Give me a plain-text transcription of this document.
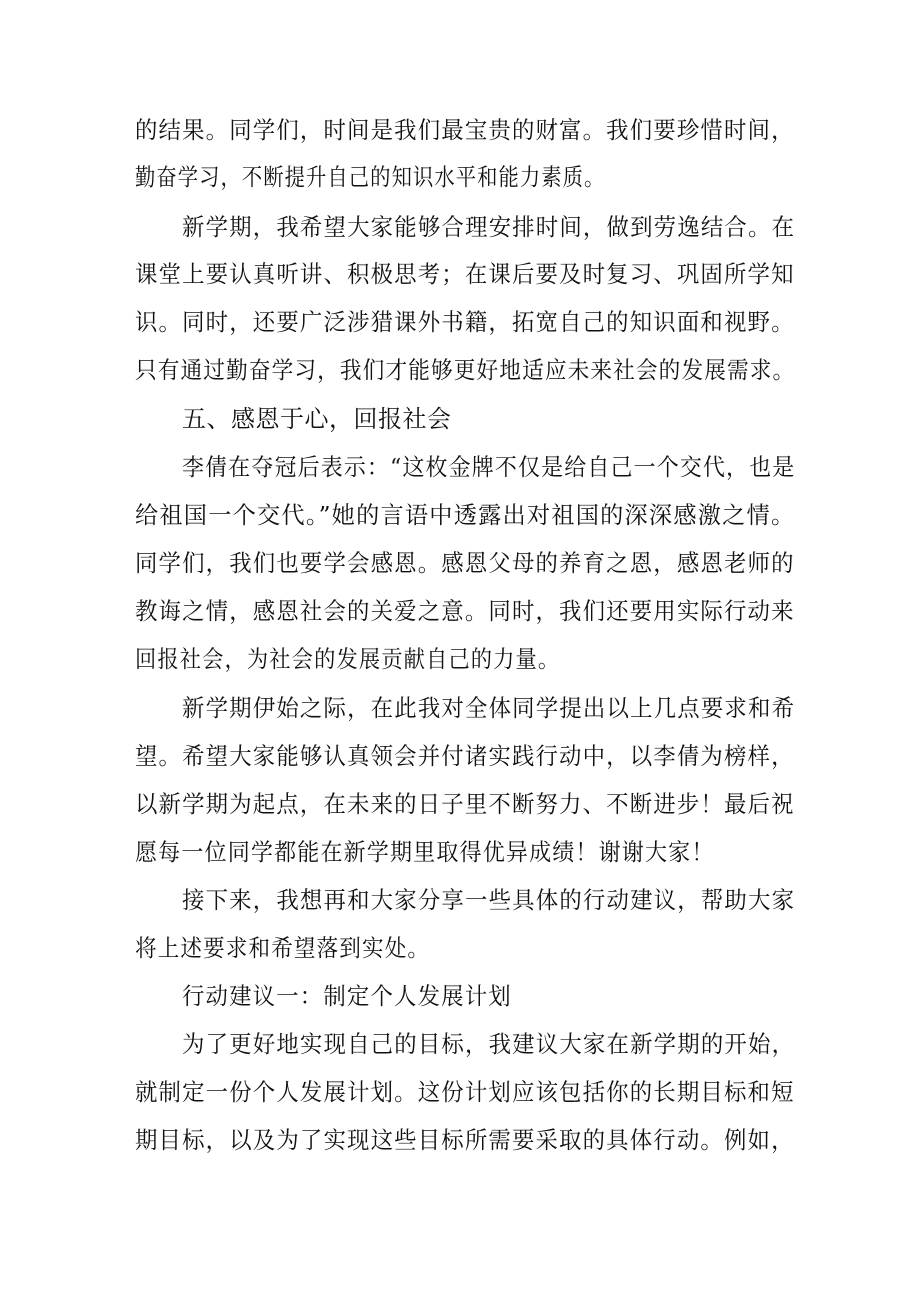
的结果。同学们，时间是我们最宝贵的财富。我们要珍惜时间，
勤奋学习，不断提升自己的知识水平和能力素质。
新学期，我希望大家能够合理安排时间，做到劳逸结合。在
课堂上要认真听讲、积极思考；在课后要及时复习、巩固所学知
识。同时，还要广泛涉猎课外书籍，拓宽自己的知识面和视野。
只有通过勤奋学习，我们才能够更好地适应未来社会的发展需求。
五、感恩于心，回报社会
李倩在夺冠后表示：“这枚金牌不仅是给自己一个交代，也是
给祖国一个交代。”她的言语中透露出对祖国的深深感激之情。
同学们，我们也要学会感恩。感恩父母的养育之恩，感恩老师的
教诲之情，感恩社会的关爱之意。同时，我们还要用实际行动来
回报社会，为社会的发展贡献自己的力量。
新学期伊始之际，在此我对全体同学提出以上几点要求和希
望。希望大家能够认真领会并付诸实践行动中，以李倩为榜样，
以新学期为起点，在未来的日子里不断努力、不断进步！最后祝
愿每一位同学都能在新学期里取得优异成绩！谢谢大家！
接下来，我想再和大家分享一些具体的行动建议，帮助大家
将上述要求和希望落到实处。
行动建议一：制定个人发展计划
为了更好地实现自己的目标，我建议大家在新学期的开始，
就制定一份个人发展计划。这份计划应该包括你的长期目标和短
期目标，以及为了实现这些目标所需要采取的具体行动。例如，
